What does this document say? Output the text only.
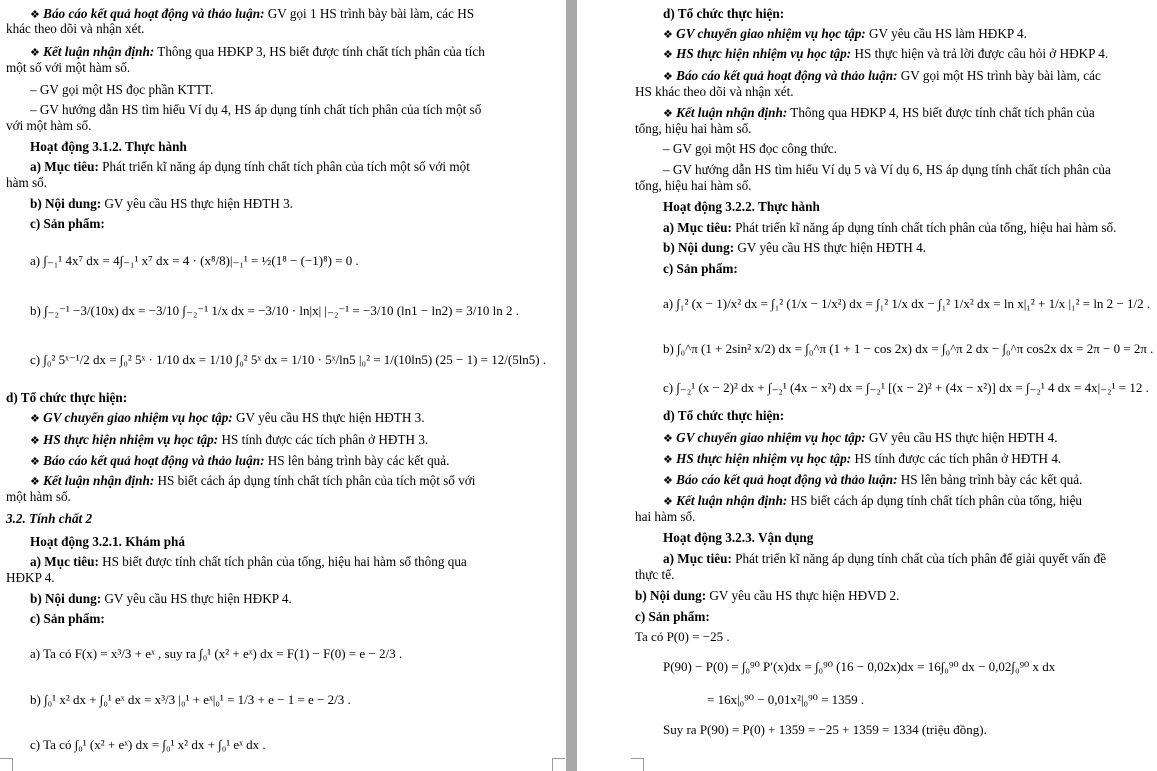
❖ Báo cáo kết quả hoạt động và thảo luận: GV gọi 1 HS trình bày bài làm, các HS
khác theo dõi và nhận xét.
❖ Kết luận nhận định: Thông qua HĐKP 3, HS biết được tính chất tích phân của tích
một số với một hàm số.
– GV gọi một HS đọc phần KTTT.
– GV hướng dẫn HS tìm hiểu Ví dụ 4, HS áp dụng tính chất tích phân của tích một số
với một hàm số.
Hoạt động 3.1.2. Thực hành
a) Mục tiêu: Phát triển kĩ năng áp dụng tính chất tích phân của tích một số với một
hàm số.
b) Nội dung: GV yêu cầu HS thực hiện HĐTH 3.
c) Sản phẩm:
a) ∫₋₁¹ 4x⁷ dx = 4∫₋₁¹ x⁷ dx = 4 · (x⁸/8)|₋₁¹ = ½(1⁸ − (−1)⁸) = 0 .
b) ∫₋₂⁻¹ −3/(10x) dx = −3/10 ∫₋₂⁻¹ 1/x dx = −3/10 · ln|x| |₋₂⁻¹ = −3/10 (ln1 − ln2) = 3/10 ln 2 .
c) ∫₀² 5ˣ⁻¹/2 dx = ∫₀² 5ˣ · 1/10 dx = 1/10 ∫₀² 5ˣ dx = 1/10 · 5ˣ/ln5 |₀² = 1/(10ln5) (25 − 1) = 12/(5ln5) .
d) Tổ chức thực hiện:
❖ GV chuyển giao nhiệm vụ học tập: GV yêu cầu HS thực hiện HĐTH 3.
❖ HS thực hiện nhiệm vụ học tập: HS tính được các tích phân ở HĐTH 3.
❖ Báo cáo kết quả hoạt động và thảo luận: HS lên bảng trình bày các kết quả.
❖ Kết luận nhận định: HS biết cách áp dụng tính chất tích phân của tích một số với
một hàm số.
3.2. Tính chất 2
Hoạt động 3.2.1. Khám phá
a) Mục tiêu: HS biết được tính chất tích phân của tổng, hiệu hai hàm số thông qua
HĐKP 4.
b) Nội dung: GV yêu cầu HS thực hiện HĐKP 4.
c) Sản phẩm:
a) Ta có F(x) = x³/3 + eˣ , suy ra ∫₀¹ (x² + eˣ) dx = F(1) − F(0) = e − 2/3 .
b) ∫₀¹ x² dx + ∫₀¹ eˣ dx = x³/3 |₀¹ + eˣ|₀¹ = 1/3 + e − 1 = e − 2/3 .
c) Ta có ∫₀¹ (x² + eˣ) dx = ∫₀¹ x² dx + ∫₀¹ eˣ dx .
d) Tổ chức thực hiện:
❖ GV chuyển giao nhiệm vụ học tập: GV yêu cầu HS làm HĐKP 4.
❖ HS thực hiện nhiệm vụ học tập: HS thực hiện và trả lời được câu hỏi ở HĐKP 4.
❖ Báo cáo kết quả hoạt động và thảo luận: GV gọi một HS trình bày bài làm, các
HS khác theo dõi và nhận xét.
❖ Kết luận nhận định: Thông qua HĐKP 4, HS biết được tính chất tích phân của
tổng, hiệu hai hàm số.
– GV gọi một HS đọc công thức.
– GV hướng dẫn HS tìm hiểu Ví dụ 5 và Ví dụ 6, HS áp dụng tính chất tích phân của
tổng, hiệu hai hàm số.
Hoạt động 3.2.2. Thực hành
a) Mục tiêu: Phát triển kĩ năng áp dụng tính chất tích phân của tổng, hiệu hai hàm số.
b) Nội dung: GV yêu cầu HS thực hiện HĐTH 4.
c) Sản phẩm:
a) ∫₁² (x − 1)/x² dx = ∫₁² (1/x − 1/x²) dx = ∫₁² 1/x dx − ∫₁² 1/x² dx = ln x|₁² + 1/x |₁² = ln 2 − 1/2 .
b) ∫₀^π (1 + 2sin² x/2) dx = ∫₀^π (1 + 1 − cos 2x) dx = ∫₀^π 2 dx − ∫₀^π cos2x dx = 2π − 0 = 2π .
c) ∫₋₂¹ (x − 2)² dx + ∫₋₂¹ (4x − x²) dx = ∫₋₂¹ [(x − 2)² + (4x − x²)] dx = ∫₋₂¹ 4 dx = 4x|₋₂¹ = 12 .
d) Tổ chức thực hiện:
❖ GV chuyển giao nhiệm vụ học tập: GV yêu cầu HS thực hiện HĐTH 4.
❖ HS thực hiện nhiệm vụ học tập: HS tính được các tích phân ở HĐTH 4.
❖ Báo cáo kết quả hoạt động và thảo luận: HS lên bảng trình bày các kết quả.
❖ Kết luận nhận định: HS biết cách áp dụng tính chất tích phân của tổng, hiệu
hai hàm số.
Hoạt động 3.2.3. Vận dụng
a) Mục tiêu: Phát triển kĩ năng áp dụng tính chất của tích phân để giải quyết vấn đề
thực tế.
b) Nội dung: GV yêu cầu HS thực hiện HĐVD 2.
c) Sản phẩm:
Ta có P(0) = −25 .
P(90) − P(0) = ∫₀⁹⁰ P′(x)dx = ∫₀⁹⁰ (16 − 0,02x)dx = 16∫₀⁹⁰ dx − 0,02∫₀⁹⁰ x dx
= 16x|₀⁹⁰ − 0,01x²|₀⁹⁰ = 1359 .
Suy ra P(90) = P(0) + 1359 = −25 + 1359 = 1334 (triệu đồng).
